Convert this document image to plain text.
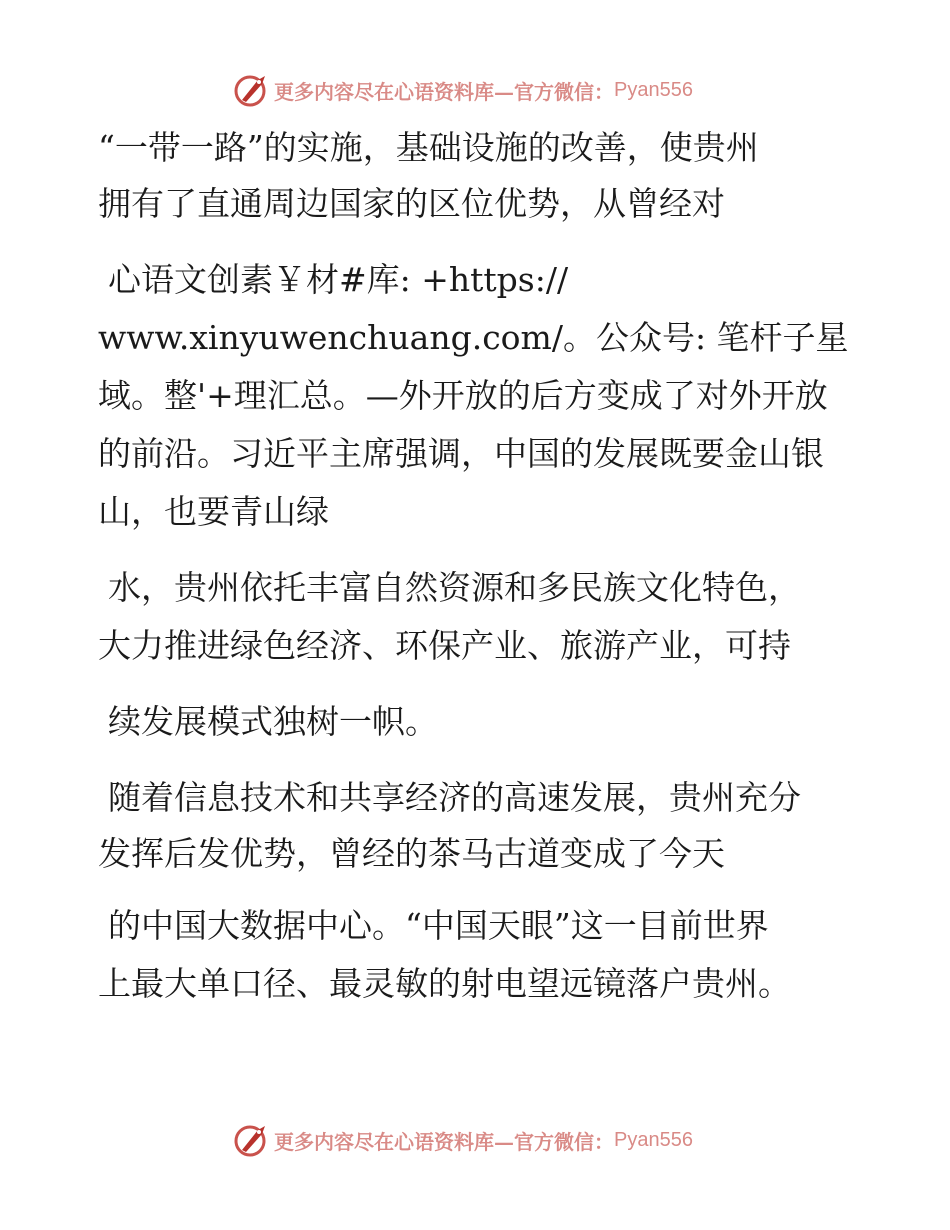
更多内容尽在心语资料库—官方微信： Pyan556

“一带一路”的实施，基础设施的改善，使贵州

拥有了直通周边国家的区位优势，从曾经对

心语文创素￥材#库: +https://

www.xinyuwenchuang.com/。公众号: 笔杆子星

域。整'+理汇总。—外开放的后方变成了对外开放

的前沿。习近平主席强调，中国的发展既要金山银

山，也要青山绿

水，贵州依托丰富自然资源和多民族文化特色，

大力推进绿色经济、环保产业、旅游产业，可持

续发展模式独树一帜。

随着信息技术和共享经济的高速发展，贵州充分

发挥后发优势，曾经的茶马古道变成了今天

的中国大数据中心。“中国天眼”这一目前世界

上最大单口径、最灵敏的射电望远镜落户贵州。

更多内容尽在心语资料库—官方微信： Pyan556
